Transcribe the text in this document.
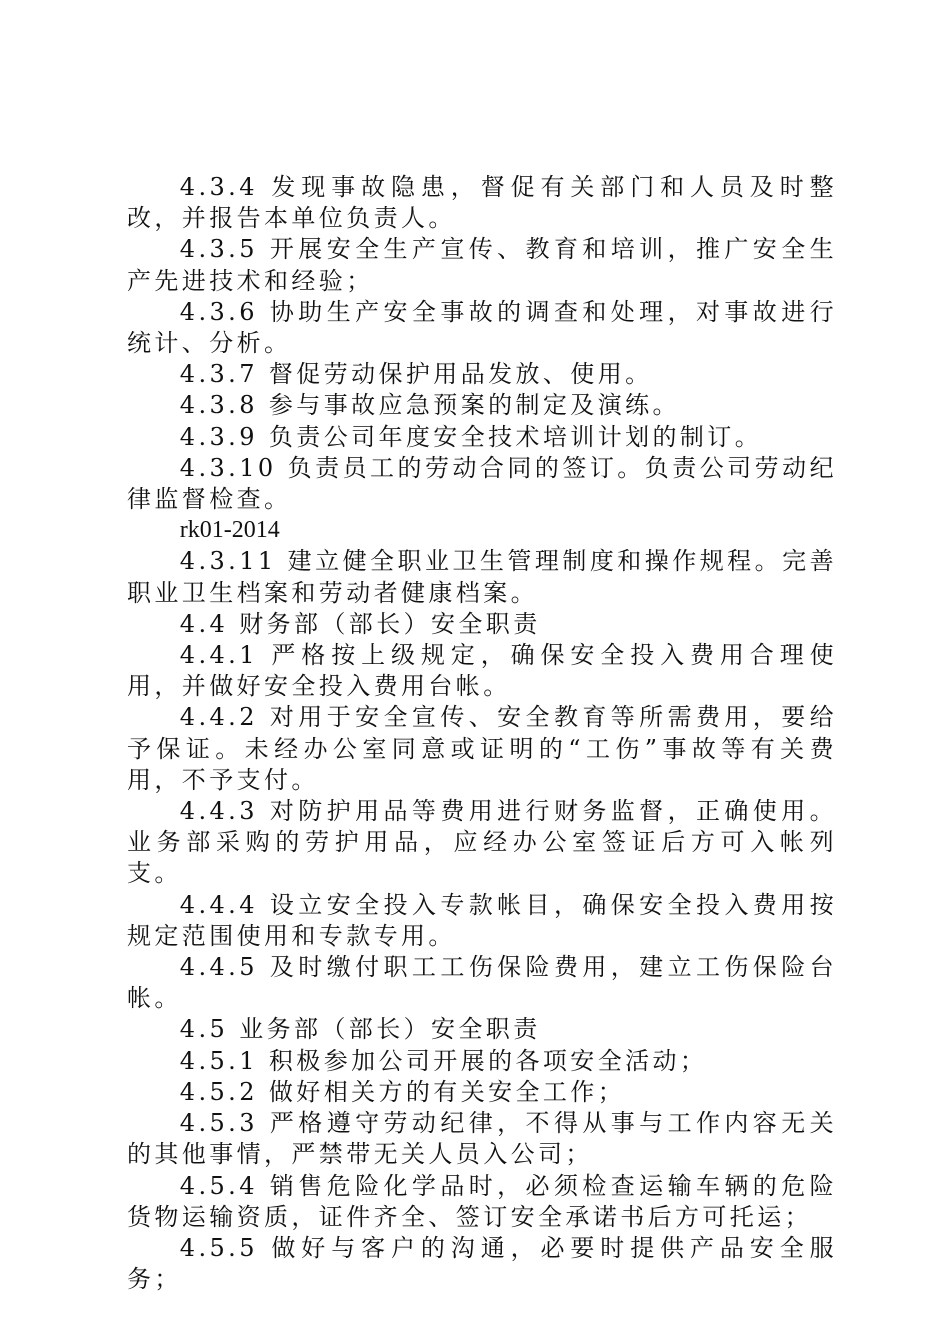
4.3.4 发现事故隐患，督促有关部门和人员及时整改，并报告本单位负责人。

4.3.5 开展安全生产宣传、教育和培训，推广安全生产先进技术和经验；

4.3.6 协助生产安全事故的调查和处理，对事故进行统计、分析。

4.3.7 督促劳动保护用品发放、使用。

4.3.8 参与事故应急预案的制定及演练。

4.3.9 负责公司年度安全技术培训计划的制订。

4.3.10 负责员工的劳动合同的签订。负责公司劳动纪律监督检查。

rk01-2014

4.3.11 建立健全职业卫生管理制度和操作规程。完善职业卫生档案和劳动者健康档案。

4.4 财务部（部长）安全职责

4.4.1 严格按上级规定，确保安全投入费用合理使用，并做好安全投入费用台帐。

4.4.2 对用于安全宣传、安全教育等所需费用，要给予保证。未经办公室同意或证明的“工伤”事故等有关费用，不予支付。

4.4.3 对防护用品等费用进行财务监督，正确使用。业务部采购的劳护用品，应经办公室签证后方可入帐列支。

4.4.4 设立安全投入专款帐目，确保安全投入费用按规定范围使用和专款专用。

4.4.5 及时缴付职工工伤保险费用，建立工伤保险台帐。

4.5 业务部（部长）安全职责

4.5.1 积极参加公司开展的各项安全活动；

4.5.2 做好相关方的有关安全工作；

4.5.3 严格遵守劳动纪律，不得从事与工作内容无关的其他事情，严禁带无关人员入公司；

4.5.4 销售危险化学品时，必须检查运输车辆的危险货物运输资质，证件齐全、签订安全承诺书后方可托运；

4.5.5 做好与客户的沟通，必要时提供产品安全服务；
